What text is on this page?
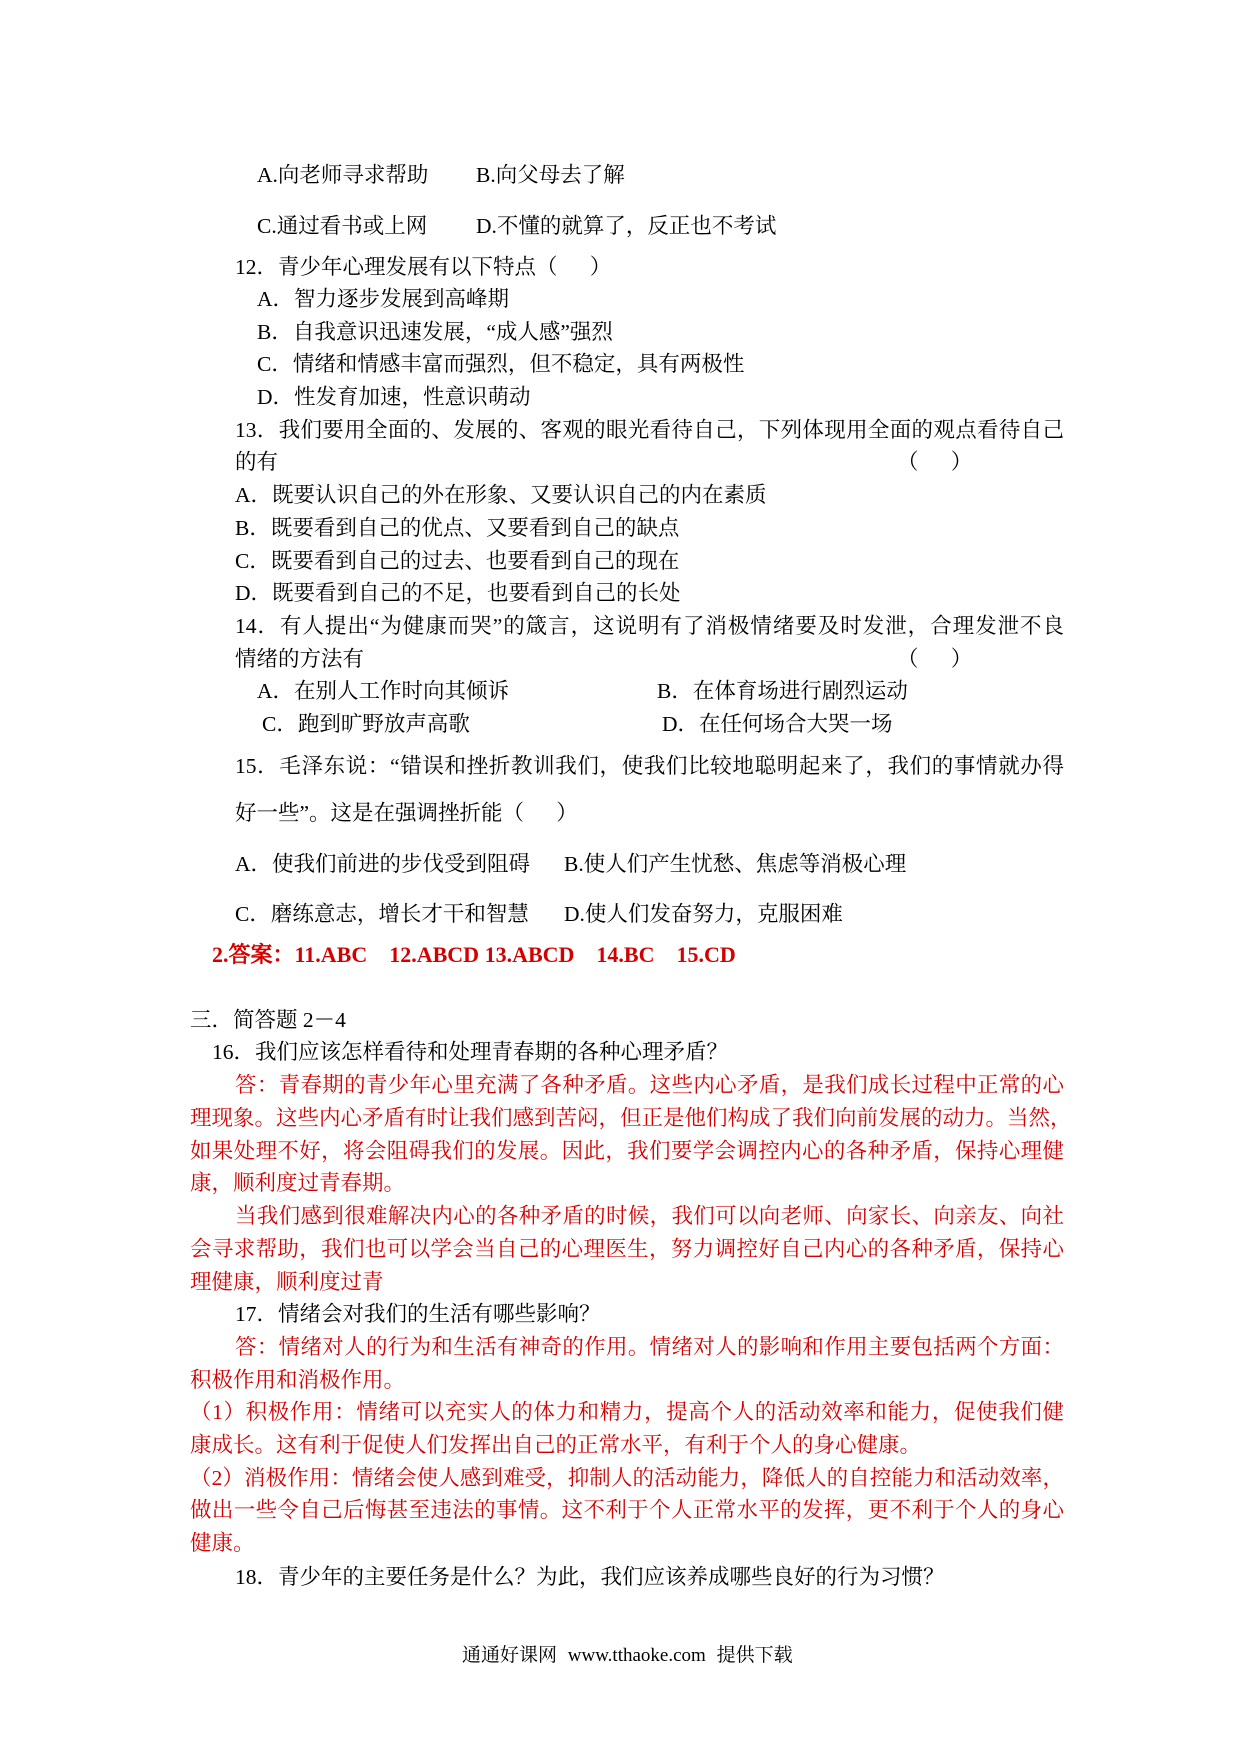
A.向老师寻求帮助 B.向父母去了解
C.通过看书或上网 D.不懂的就算了，反正也不考试
12．青少年心理发展有以下特点（      ）
A．智力逐步发展到高峰期
B．自我意识迅速发展，“成人感”强烈
C．情绪和情感丰富而强烈，但不稳定，具有两极性
D．性发育加速，性意识萌动
13．我们要用全面的、发展的、客观的眼光看待自己，下列体现用全面的观点看待自己
的有	（      ）
A．既要认识自己的外在形象、又要认识自己的内在素质
B．既要看到自己的优点、又要看到自己的缺点
C．既要看到自己的过去、也要看到自己的现在
D．既要看到自己的不足，也要看到自己的长处
14．有人提出“为健康而哭”的箴言，这说明有了消极情绪要及时发泄，合理发泄不良
情绪的方法有	（      ）
A．在别人工作时向其倾诉	B．在体育场进行剧烈运动
C．跑到旷野放声高歌	D．在任何场合大哭一场
15．毛泽东说：“错误和挫折教训我们，使我们比较地聪明起来了，我们的事情就办得
好一些”。这是在强调挫折能（      ）
A．使我们前进的步伐受到阻碍 B.使人们产生忧愁、焦虑等消极心理
C．磨练意志，增长才干和智慧 D.使人们发奋努力，克服困难
2.答案：11.ABC    12.ABCD 13.ABCD    14.BC    15.CD
三．简答题 2－4
16．我们应该怎样看待和处理青春期的各种心理矛盾？
答：青春期的青少年心里充满了各种矛盾。这些内心矛盾，是我们成长过程中正常的心
理现象。这些内心矛盾有时让我们感到苦闷，但正是他们构成了我们向前发展的动力。当然，
如果处理不好，将会阻碍我们的发展。因此，我们要学会调控内心的各种矛盾，保持心理健
康，顺利度过青春期。
当我们感到很难解决内心的各种矛盾的时候，我们可以向老师、向家长、向亲友、向社
会寻求帮助，我们也可以学会当自己的心理医生，努力调控好自己内心的各种矛盾，保持心
理健康，顺利度过青
17．情绪会对我们的生活有哪些影响？
答：情绪对人的行为和生活有神奇的作用。情绪对人的影响和作用主要包括两个方面：
积极作用和消极作用。
（1）积极作用：情绪可以充实人的体力和精力，提高个人的活动效率和能力，促使我们健
康成长。这有利于促使人们发挥出自己的正常水平，有利于个人的身心健康。
（2）消极作用：情绪会使人感到难受，抑制人的活动能力，降低人的自控能力和活动效率，
做出一些令自己后悔甚至违法的事情。这不利于个人正常水平的发挥，更不利于个人的身心
健康。
18．青少年的主要任务是什么？为此，我们应该养成哪些良好的行为习惯？
通通好课网 www.tthaoke.com 提供下载
